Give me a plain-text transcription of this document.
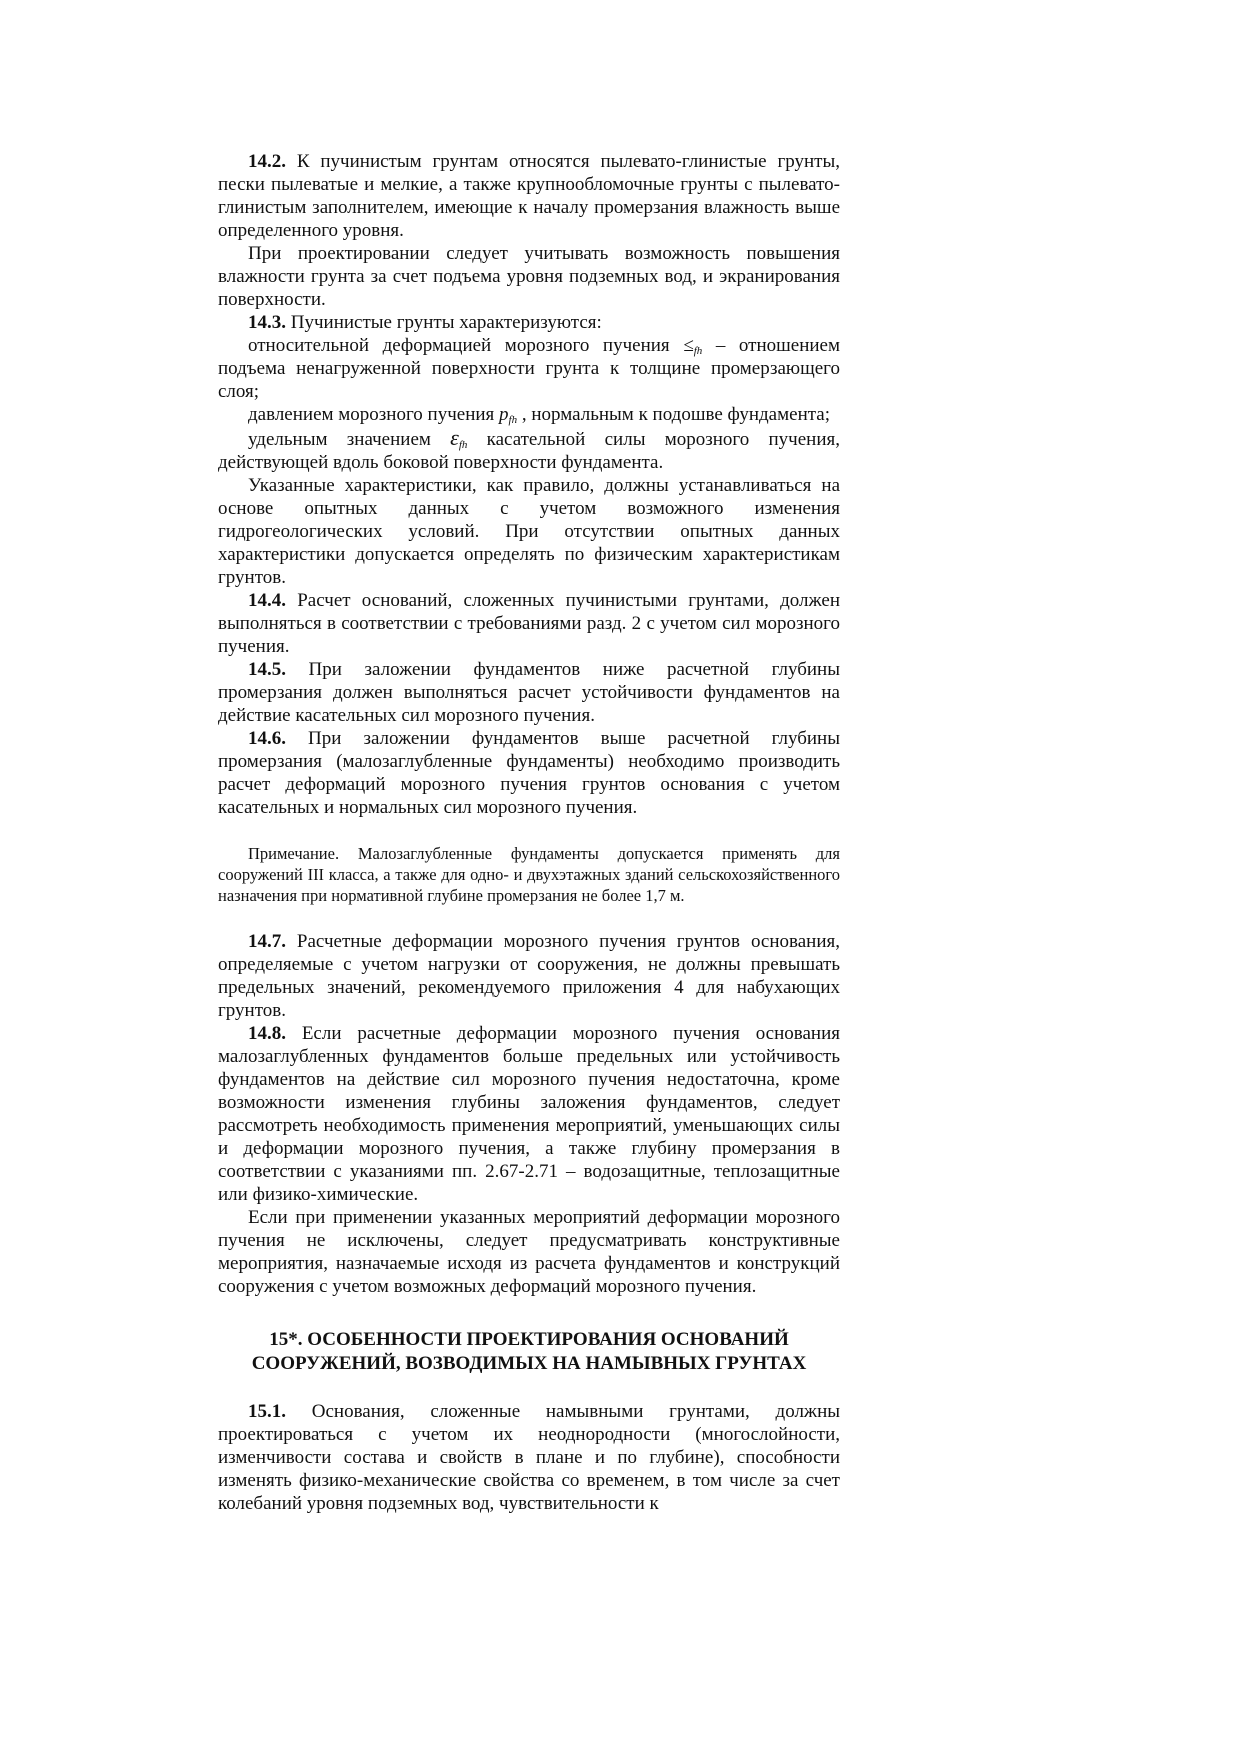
14.2. К пучинистым грунтам относятся пылевато-глинистые грунты, пески пылеватые и мелкие, а также крупнообломочные грунты с пылевато-глинистым заполнителем, имеющие к началу промерзания влажность выше определенного уровня.

При проектировании следует учитывать возможность повышения влажности грунта за счет подъема уровня подземных вод, и экранирования поверхности.

14.3. Пучинистые грунты характеризуются:

относительной деформацией морозного пучения $\le_{fh}$ – отношением подъема ненагруженной поверхности грунта к толщине промерзающего слоя;

давлением морозного пучения $p_{fh}$ , нормальным к подошве фундамента;

удельным значением $\varepsilon_{fh}$ касательной силы морозного пучения, действующей вдоль боковой поверхности фундамента.

Указанные характеристики, как правило, должны устанавливаться на основе опытных данных с учетом возможного изменения гидрогеологических условий. При отсутствии опытных данных характеристики допускается определять по физическим характеристикам грунтов.

14.4. Расчет оснований, сложенных пучинистыми грунтами, должен выполняться в соответствии с требованиями разд. 2 с учетом сил морозного пучения.

14.5. При заложении фундаментов ниже расчетной глубины промерзания должен выполняться расчет устойчивости фундаментов на действие касательных сил морозного пучения.

14.6. При заложении фундаментов выше расчетной глубины промерзания (малозаглубленные фундаменты) необходимо производить расчет деформаций морозного пучения грунтов основания с учетом касательных и нормальных сил морозного пучения.

Примечание. Малозаглубленные фундаменты допускается применять для сооружений III класса, а также для одно- и двухэтажных зданий сельскохозяйственного назначения при нормативной глубине промерзания не более 1,7 м.

14.7. Расчетные деформации морозного пучения грунтов основания, определяемые с учетом нагрузки от сооружения, не должны превышать предельных значений, рекомендуемого приложения 4 для набухающих грунтов.

14.8. Если расчетные деформации морозного пучения основания малозаглубленных фундаментов больше предельных или устойчивость фундаментов на действие сил морозного пучения недостаточна, кроме возможности изменения глубины заложения фундаментов, следует рассмотреть необходимость применения мероприятий, уменьшающих силы и деформации морозного пучения, а также глубину промерзания в соответствии с указаниями пп. 2.67-2.71 – водозащитные, теплозащитные или физико-химические.

Если при применении указанных мероприятий деформации морозного пучения не исключены, следует предусматривать конструктивные мероприятия, назначаемые исходя из расчета фундаментов и конструкций сооружения с учетом возможных деформаций морозного пучения.

15*. ОСОБЕННОСТИ ПРОЕКТИРОВАНИЯ ОСНОВАНИЙ
СООРУЖЕНИЙ, ВОЗВОДИМЫХ НА НАМЫВНЫХ ГРУНТАХ

15.1. Основания, сложенные намывными грунтами, должны проектироваться с учетом их неоднородности (многослойности, изменчивости состава и свойств в плане и по глубине), способности изменять физико-механические свойства со временем, в том числе за счет колебаний уровня подземных вод, чувствительности к
